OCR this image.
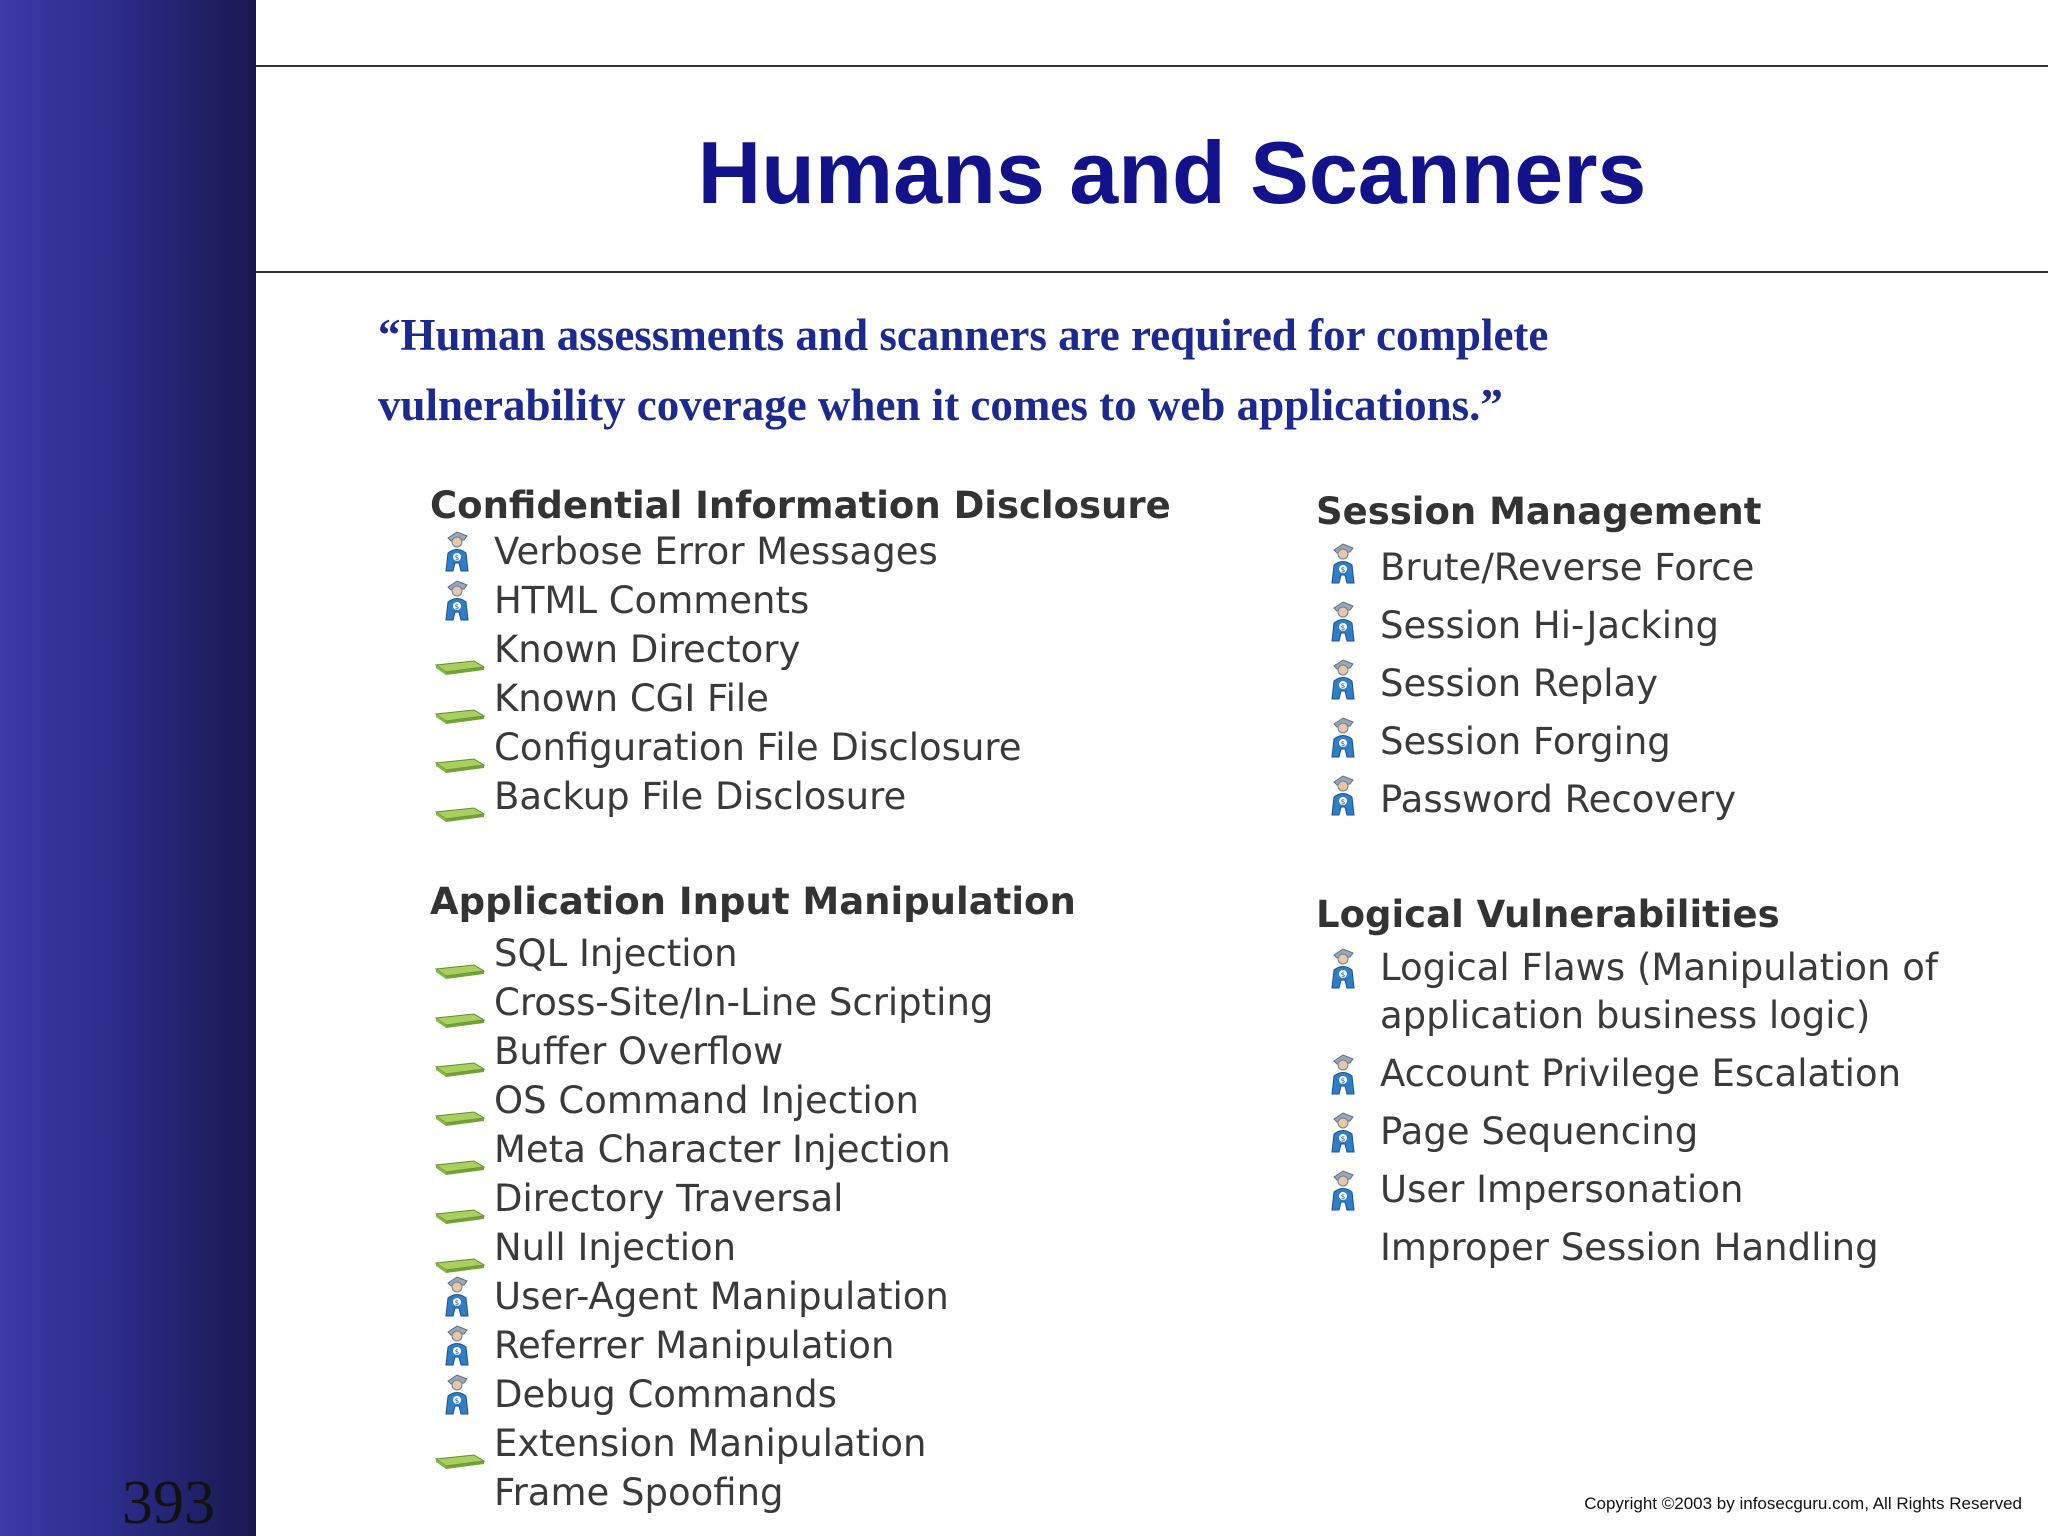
Humans and Scanners
“Human assessments and scanners are required for complete vulnerability coverage when it comes to web applications.”
Confidential Information Disclosure
$ Verbose Error Messages
$ HTML Comments
Known Directory
Known CGI File
Configuration File Disclosure
Backup File Disclosure
Application Input Manipulation
SQL Injection
Cross-Site/In-Line Scripting
Buffer Overflow
OS Command Injection
Meta Character Injection
Directory Traversal
Null Injection
$ User-Agent Manipulation
$ Referrer Manipulation
$ Debug Commands
Extension Manipulation
Frame Spoofing
Session Management
$ Brute/Reverse Force
$ Session Hi-Jacking
$ Session Replay
$ Session Forging
$ Password Recovery
Logical Vulnerabilities
$ Logical Flaws (Manipulation of
application business logic)
$ Account Privilege Escalation
$ Page Sequencing
$ User Impersonation
Improper Session Handling
393	Copyright ©2003 by infosecguru.com, All Rights Reserved
